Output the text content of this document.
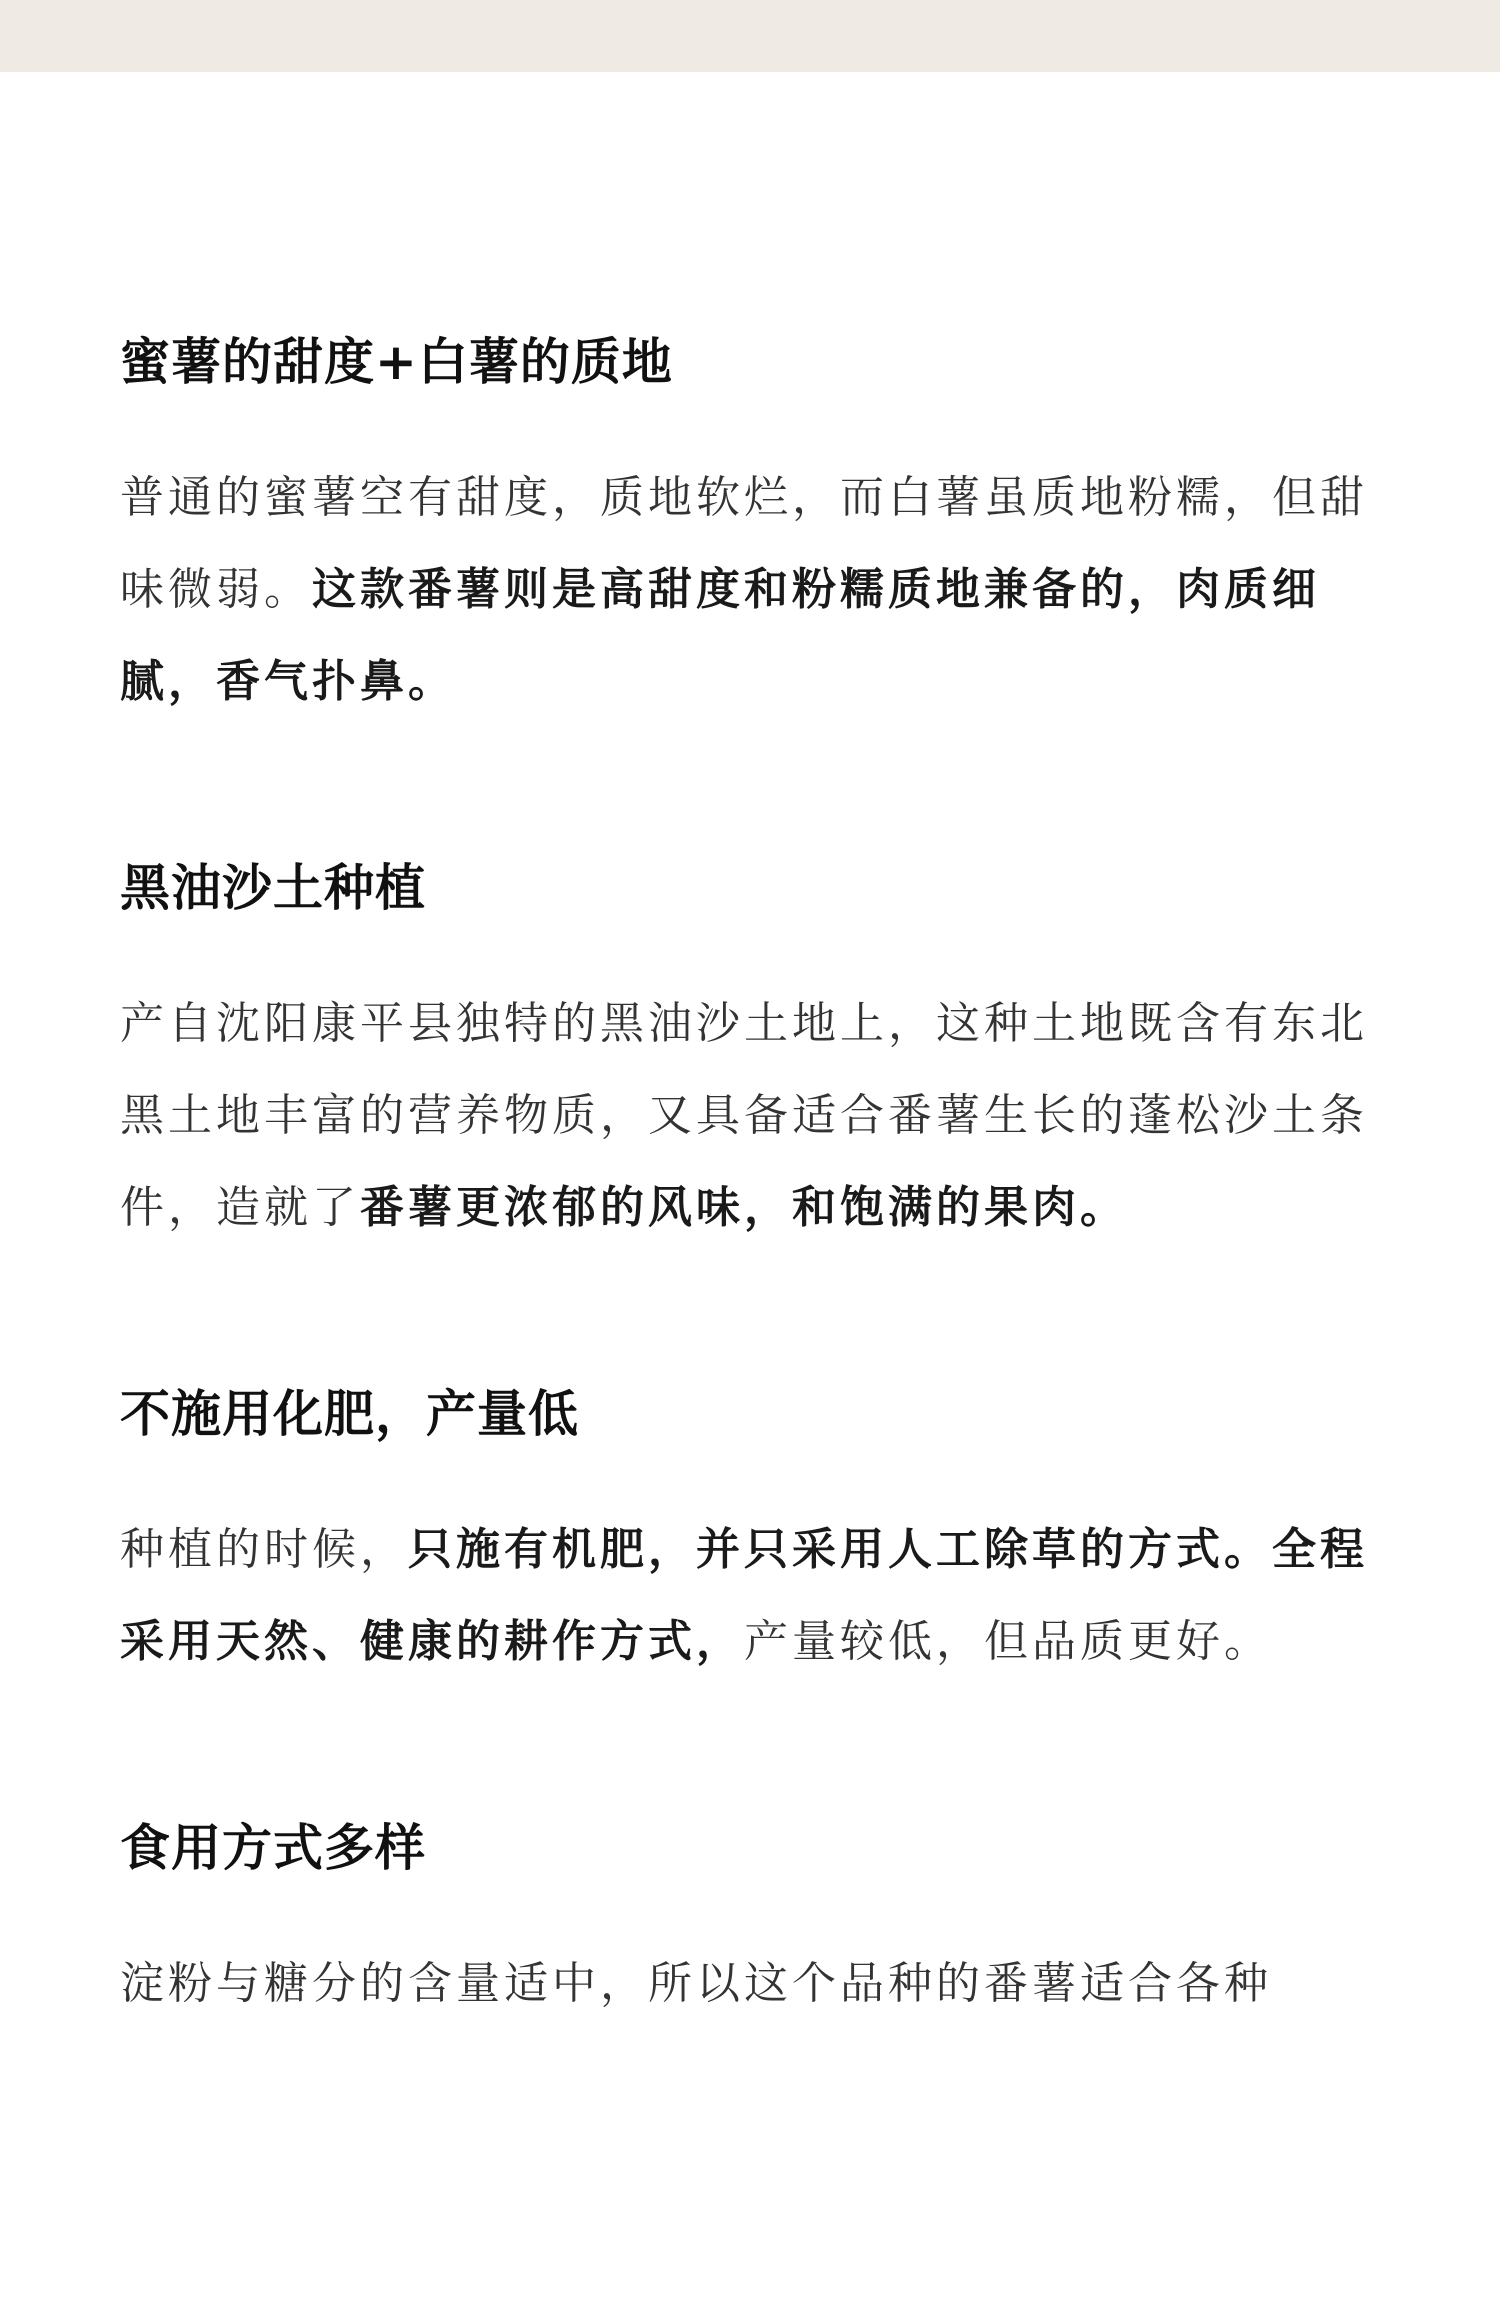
蜜薯的甜度+白薯的质地

普通的蜜薯空有甜度，质地软烂，而白薯虽质地粉糯，但甜味微弱。这款番薯则是高甜度和粉糯质地兼备的，肉质细腻，香气扑鼻。

黑油沙土种植

产自沈阳康平县独特的黑油沙土地上，这种土地既含有东北黑土地丰富的营养物质，又具备适合番薯生长的蓬松沙土条件，造就了番薯更浓郁的风味，和饱满的果肉。

不施用化肥，产量低

种植的时候，只施有机肥，并只采用人工除草的方式。全程采用天然、健康的耕作方式，产量较低，但品质更好。

食用方式多样

淀粉与糖分的含量适中，所以这个品种的番薯适合各种
